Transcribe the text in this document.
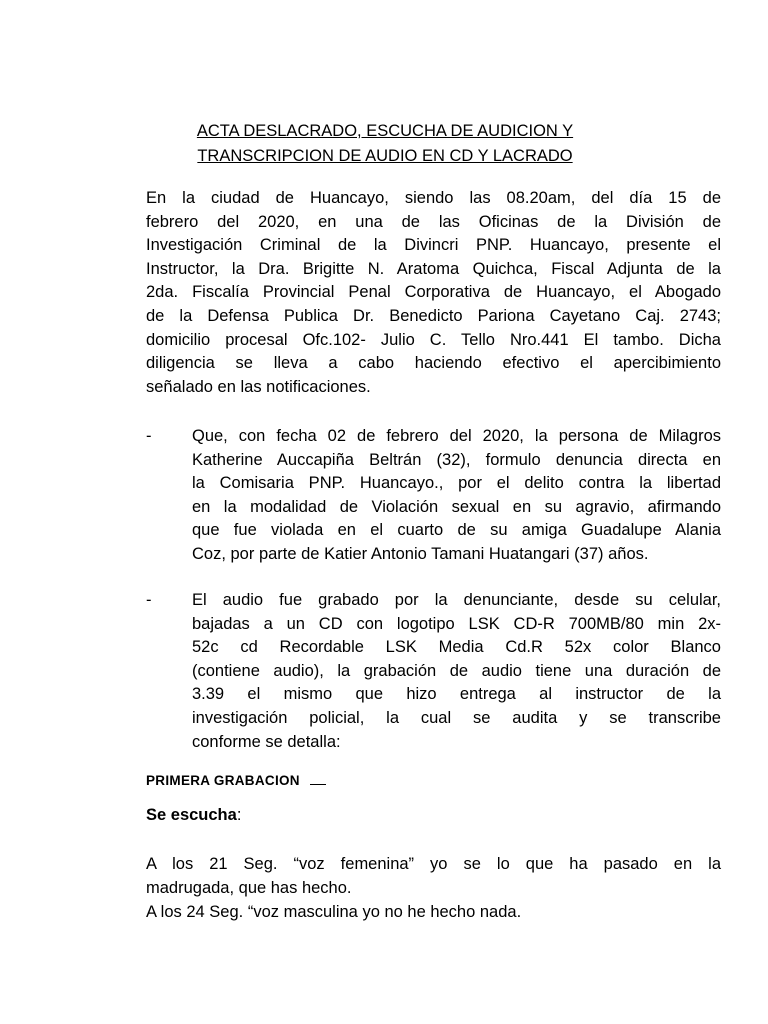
ACTA DESLACRADO, ESCUCHA DE AUDICION Y
TRANSCRIPCION DE AUDIO EN CD Y LACRADO
En la ciudad de Huancayo, siendo las 08.20am, del día 15 de
febrero del 2020, en una de las Oficinas de la División de
Investigación Criminal de la Divincri PNP. Huancayo, presente el
Instructor, la Dra. Brigitte N. Aratoma Quichca, Fiscal Adjunta de la
2da. Fiscalía Provincial Penal Corporativa de Huancayo, el Abogado
de la Defensa Publica Dr. Benedicto Pariona Cayetano Caj. 2743;
domicilio procesal Ofc.102- Julio C. Tello Nro.441 El tambo. Dicha
diligencia se lleva a cabo haciendo efectivo el apercibimiento
señalado en las notificaciones.
- Que, con fecha 02 de febrero del 2020, la persona de Milagros
Katherine Auccapiña Beltrán (32), formulo denuncia directa en
la Comisaria PNP. Huancayo., por el delito contra la libertad
en la modalidad de Violación sexual en su agravio, afirmando
que fue violada en el cuarto de su amiga Guadalupe Alania
Coz, por parte de Katier Antonio Tamani Huatangari (37) años.
- El audio fue grabado por la denunciante, desde su celular,
bajadas a un CD con logotipo LSK CD-R 700MB/80 min 2x-
52c cd Recordable LSK Media Cd.R 52x color Blanco
(contiene audio), la grabación de audio tiene una duración de
3.39 el mismo que hizo entrega al instructor de la
investigación policial, la cual se audita y se transcribe
conforme se detalla:
PRIMERA GRABACION
Se escucha:
A los 21 Seg. “voz femenina” yo se lo que ha pasado en la
madrugada, que has hecho.
A los 24 Seg. “voz masculina yo no he hecho nada.
